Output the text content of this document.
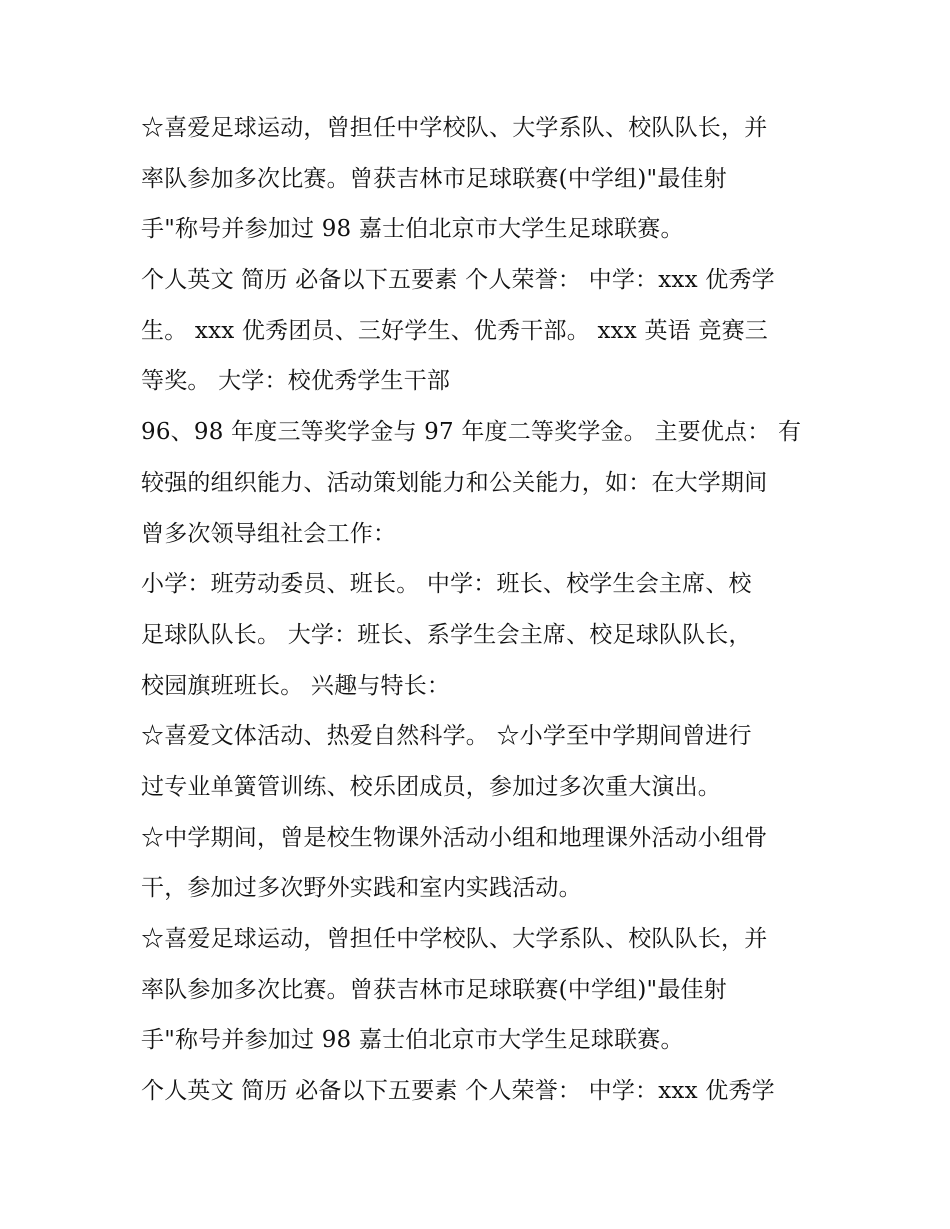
☆喜爱足球运动，曾担任中学校队、大学系队、校队队长，并
率队参加多次比赛。曾获吉林市足球联赛(中学组)"最佳射
手"称号并参加过 98 嘉士伯北京市大学生足球联赛。
个人英文 简历 必备以下五要素 个人荣誉： 中学：xxx 优秀学
生。 xxx 优秀团员、三好学生、优秀干部。 xxx 英语 竞赛三
等奖。 大学：校优秀学生干部
96、98 年度三等奖学金与 97 年度二等奖学金。 主要优点： 有
较强的组织能力、活动策划能力和公关能力，如：在大学期间
曾多次领导组社会工作：
小学：班劳动委员、班长。 中学：班长、校学生会主席、校
足球队队长。 大学：班长、系学生会主席、校足球队队长，
校园旗班班长。 兴趣与特长：
☆喜爱文体活动、热爱自然科学。 ☆小学至中学期间曾进行
过专业单簧管训练、校乐团成员，参加过多次重大演出。
☆中学期间，曾是校生物课外活动小组和地理课外活动小组骨
干，参加过多次野外实践和室内实践活动。
☆喜爱足球运动，曾担任中学校队、大学系队、校队队长，并
率队参加多次比赛。曾获吉林市足球联赛(中学组)"最佳射
手"称号并参加过 98 嘉士伯北京市大学生足球联赛。
个人英文 简历 必备以下五要素 个人荣誉： 中学：xxx 优秀学
